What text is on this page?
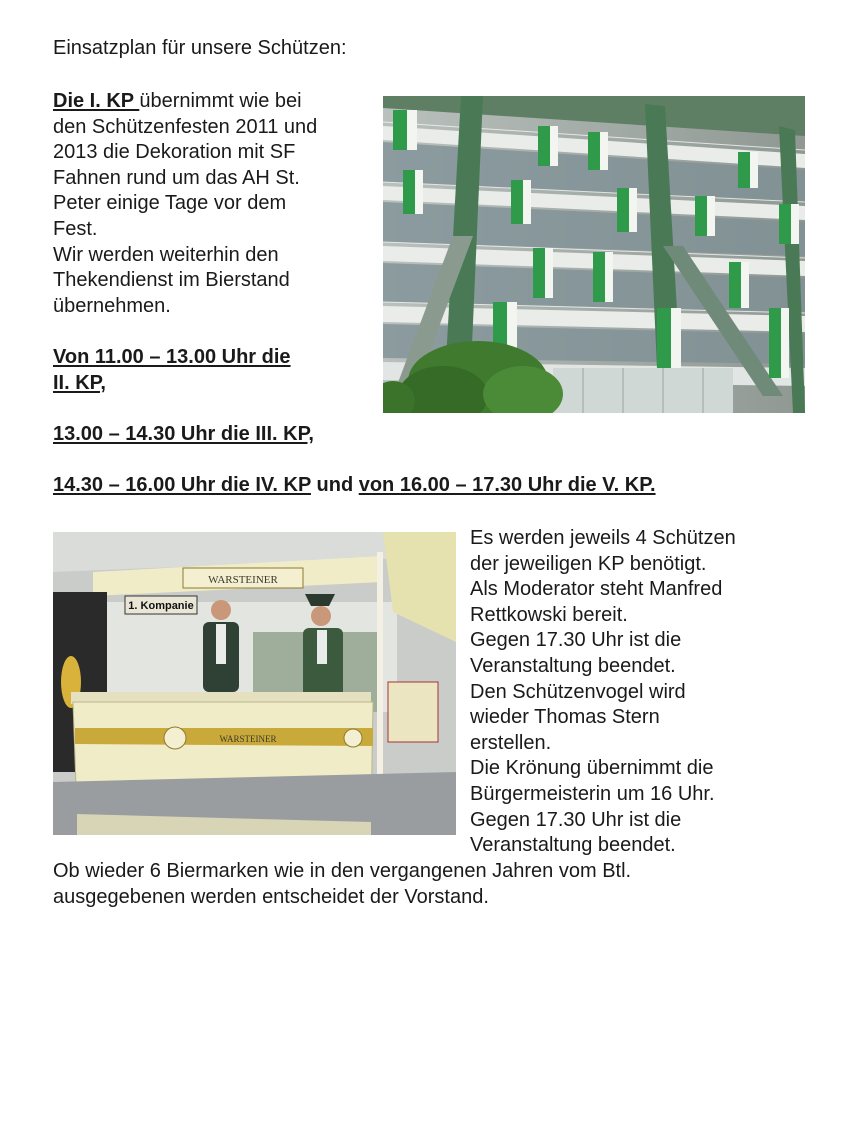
Einsatzplan für unsere Schützen:

Die I. KP übernimmt wie bei

den Schützenfesten 2011 und

2013 die Dekoration mit SF

Fahnen rund um das AH St.

Peter einige Tage vor dem

Fest.

Wir werden weiterhin den

Thekendienst im Bierstand

übernehmen.

Von 11.00 – 13.00 Uhr die

II. KP,

13.00 – 14.30 Uhr die III. KP,

14.30 – 16.00 Uhr die IV. KP und von 16.00 – 17.30 Uhr die V. KP.

WARSTEINER
1. Kompanie
WARSTEINER

Es werden jeweils 4 Schützen

der jeweiligen KP benötigt.

Als Moderator steht Manfred

Rettkowski bereit.

Gegen 17.30 Uhr ist die

Veranstaltung beendet.

Den Schützenvogel wird

wieder Thomas Stern

erstellen.

Die Krönung übernimmt die

Bürgermeisterin um 16 Uhr.

Gegen 17.30 Uhr ist die

Veranstaltung beendet.

Ob wieder 6 Biermarken wie in den vergangenen Jahren vom Btl.

ausgegebenen werden entscheidet der Vorstand.
